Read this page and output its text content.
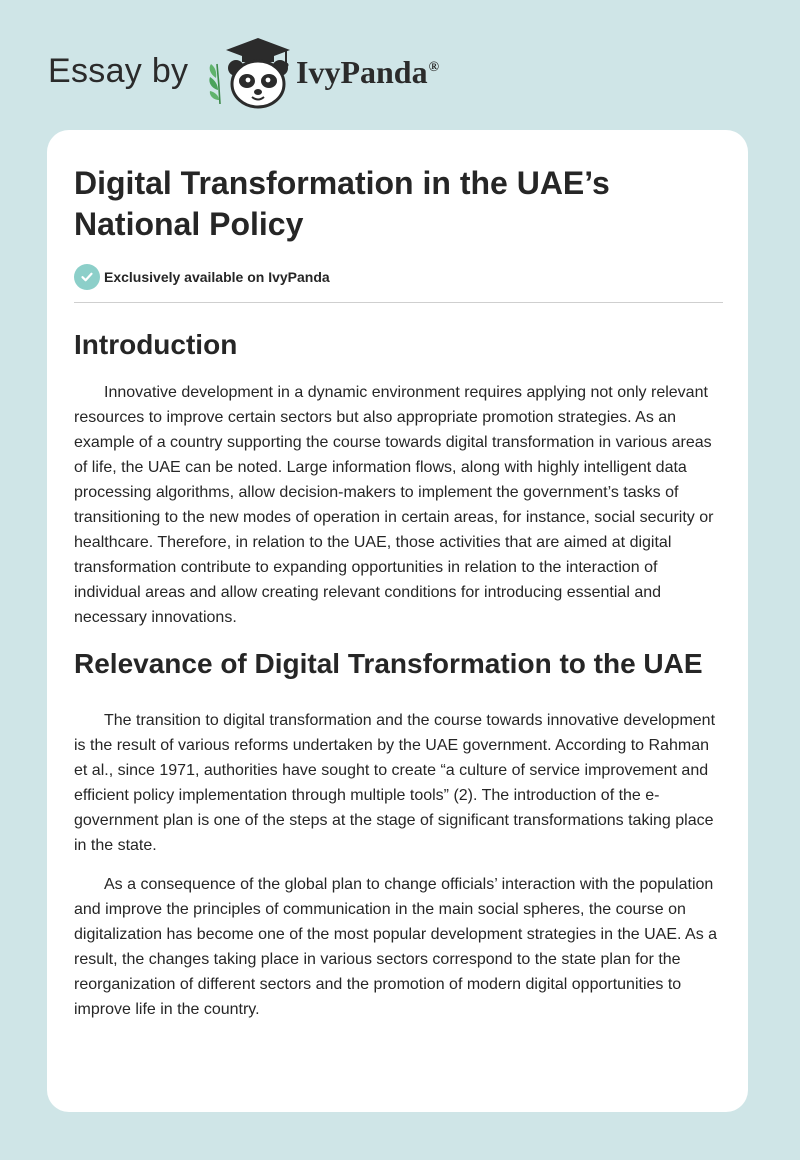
Essay by	IvyPanda®
Digital Transformation in the UAE’s National Policy
Exclusively available on IvyPanda
Introduction

Innovative development in a dynamic environment requires applying not only relevant resources to improve certain sectors but also appropriate promotion strategies. As an example of a country supporting the course towards digital transformation in various areas of life, the UAE can be noted. Large information flows, along with highly intelligent data processing algorithms, allow decision-makers to implement the government’s tasks of transitioning to the new modes of operation in certain areas, for instance, social security or healthcare. Therefore, in relation to the UAE, those activities that are aimed at digital transformation contribute to expanding opportunities in relation to the interaction of individual areas and allow creating relevant conditions for introducing essential and necessary innovations.

Relevance of Digital Transformation to the UAE

The transition to digital transformation and the course towards innovative development is the result of various reforms undertaken by the UAE government. According to Rahman et al., since 1971, authorities have sought to create “a culture of service improvement and efficient policy implementation through multiple tools” (2). The introduction of the e-government plan is one of the steps at the stage of significant transformations taking place in the state.

As a consequence of the global plan to change officials’ interaction with the population and improve the principles of communication in the main social spheres, the course on digitalization has become one of the most popular development strategies in the UAE. As a result, the changes taking place in various sectors correspond to the state plan for the reorganization of different sectors and the promotion of modern digital opportunities to improve life in the country.
